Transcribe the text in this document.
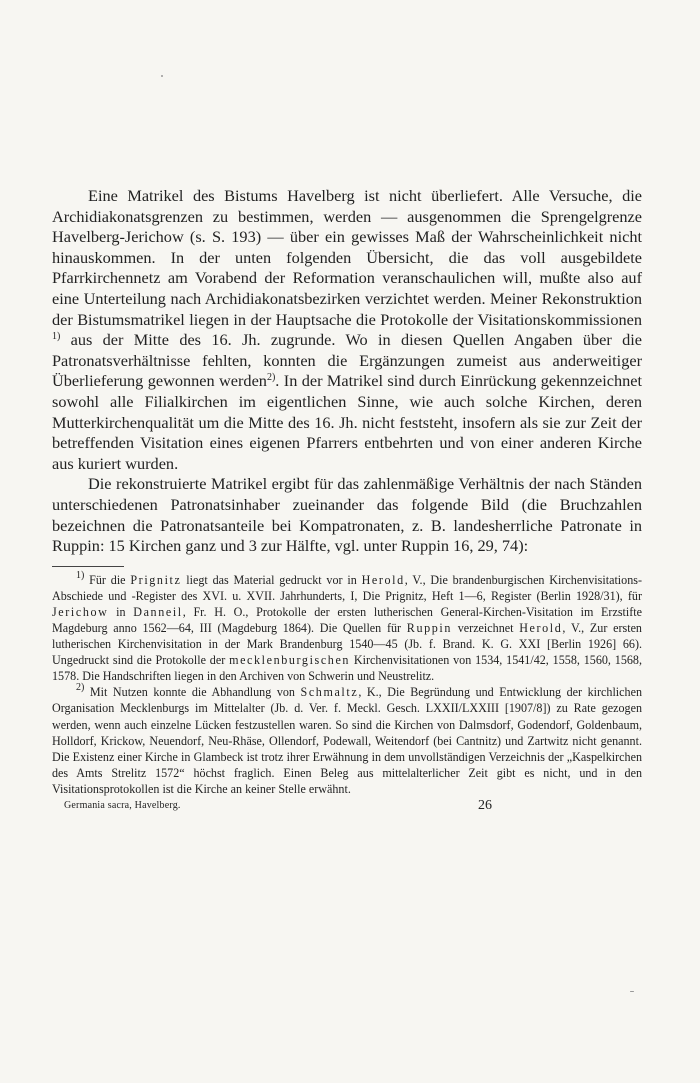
Eine Matrikel des Bistums Havelberg ist nicht überliefert. Alle Versuche, die Archidiakonatsgrenzen zu bestimmen, werden — ausgenommen die Sprengelgrenze Havelberg-Jerichow (s. S. 193) — über ein gewisses Maß der Wahrscheinlichkeit nicht hinauskommen. In der unten folgenden Übersicht, die das voll ausgebildete Pfarrkirchennetz am Vorabend der Reformation veranschaulichen will, mußte also auf eine Unterteilung nach Archidiakonatsbezirken verzichtet werden. Meiner Rekonstruktion der Bistumsmatrikel liegen in der Hauptsache die Protokolle der Visitationskommissionen $^{1)}$ aus der Mitte des 16. Jh. zugrunde. Wo in diesen Quellen Angaben über die Patronatsverhältnisse fehlten, konnten die Ergänzungen zumeist aus anderweitiger Überlieferung gewonnen werden$^{2)}$. In der Matrikel sind durch Einrückung gekennzeichnet sowohl alle Filialkirchen im eigentlichen Sinne, wie auch solche Kirchen, deren Mutterkirchenqualität um die Mitte des 16. Jh. nicht feststeht, insofern als sie zur Zeit der betreffenden Visitation eines eigenen Pfarrers entbehrten und von einer anderen Kirche aus kuriert wurden.

Die rekonstruierte Matrikel ergibt für das zahlenmäßige Verhältnis der nach Ständen unterschiedenen Patronatsinhaber zueinander das folgende Bild (die Bruchzahlen bezeichnen die Patronatsanteile bei Kompatronaten, z. B. landesherrliche Patronate in Ruppin: 15 Kirchen ganz und 3 zur Hälfte, vgl. unter Ruppin 16, 29, 74):

$^{1)}$ Für die Prignitz liegt das Material gedruckt vor in Herold, V., Die brandenburgischen Kirchenvisitations-Abschiede und -Register des XVI. u. XVII. Jahrhunderts, I, Die Prignitz, Heft 1—6, Register (Berlin 1928/31), für Jerichow in Danneil, Fr. H. O., Protokolle der ersten lutherischen General-Kirchen-Visitation im Erzstifte Magdeburg anno 1562—64, III (Magdeburg 1864). Die Quellen für Ruppin verzeichnet Herold, V., Zur ersten lutherischen Kirchenvisitation in der Mark Brandenburg 1540—45 (Jb. f. Brand. K. G. XXI [Berlin 1926] 66). Ungedruckt sind die Protokolle der mecklenburgischen Kirchenvisitationen von 1534, 1541/42, 1558, 1560, 1568, 1578. Die Handschriften liegen in den Archiven von Schwerin und Neustrelitz.

$^{2)}$ Mit Nutzen konnte die Abhandlung von Schmaltz, K., Die Begründung und Entwicklung der kirchlichen Organisation Mecklenburgs im Mittelalter (Jb. d. Ver. f. Meckl. Gesch. LXXII/LXXIII [1907/8]) zu Rate gezogen werden, wenn auch einzelne Lücken festzustellen waren. So sind die Kirchen von Dalmsdorf, Godendorf, Goldenbaum, Holldorf, Krickow, Neuendorf, Neu-Rhäse, Ollendorf, Podewall, Weitendorf (bei Cantnitz) und Zartwitz nicht genannt. Die Existenz einer Kirche in Glambeck ist trotz ihrer Erwähnung in dem unvollständigen Verzeichnis der „Kaspelkirchen des Amts Strelitz 1572“ höchst fraglich. Einen Beleg aus mittelalterlicher Zeit gibt es nicht, und in den Visitationsprotokollen ist die Kirche an keiner Stelle erwähnt.

Germania sacra, Havelberg.	26
